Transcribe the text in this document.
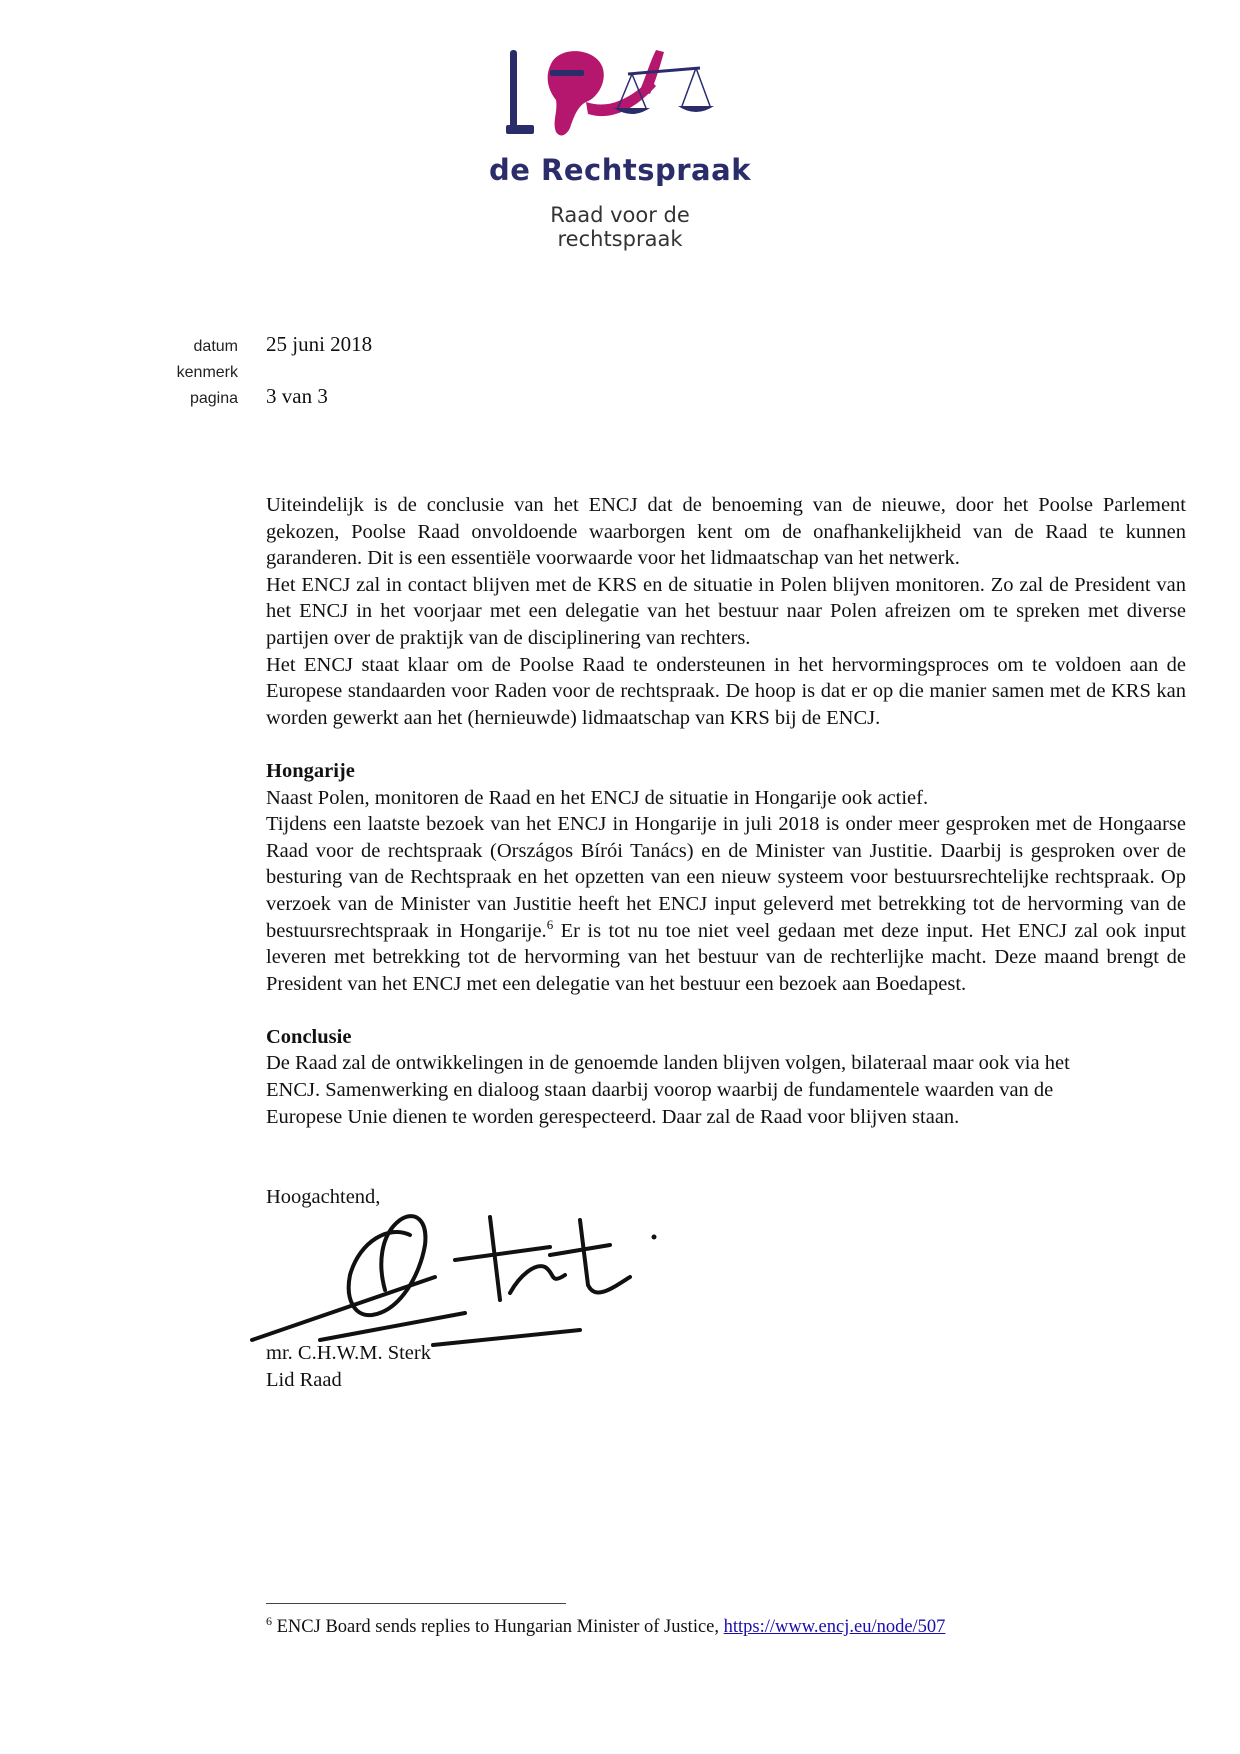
de Rechtspraak
Raad voor de
rechtspraak
datum 25 juni 2018
kenmerk
pagina 3 van 3

Uiteindelijk is de conclusie van het ENCJ dat de benoeming van de nieuwe, door het Poolse Parlement gekozen, Poolse Raad onvoldoende waarborgen kent om de onafhankelijkheid van de Raad te kunnen garanderen. Dit is een essentiële voorwaarde voor het lidmaatschap van het netwerk.

Het ENCJ zal in contact blijven met de KRS en de situatie in Polen blijven monitoren. Zo zal de President van het ENCJ in het voorjaar met een delegatie van het bestuur naar Polen afreizen om te spreken met diverse partijen over de praktijk van de disciplinering van rechters.

Het ENCJ staat klaar om de Poolse Raad te ondersteunen in het hervormingsproces om te voldoen aan de Europese standaarden voor Raden voor de rechtspraak. De hoop is dat er op die manier samen met de KRS kan worden gewerkt aan het (hernieuwde) lidmaatschap van KRS bij de ENCJ.

Hongarije

Naast Polen, monitoren de Raad en het ENCJ de situatie in Hongarije ook actief.

Tijdens een laatste bezoek van het ENCJ in Hongarije in juli 2018 is onder meer gesproken met de Hongaarse Raad voor de rechtspraak (Országos Bírói Tanács) en de Minister van Justitie. Daarbij is gesproken over de besturing van de Rechtspraak en het opzetten van een nieuw systeem voor bestuursrechtelijke rechtspraak. Op verzoek van de Minister van Justitie heeft het ENCJ input geleverd met betrekking tot de hervorming van de bestuursrechtspraak in Hongarije.$^6$ Er is tot nu toe niet veel gedaan met deze input. Het ENCJ zal ook input leveren met betrekking tot de hervorming van het bestuur van de rechterlijke macht. Deze maand brengt de President van het ENCJ met een delegatie van het bestuur een bezoek aan Boedapest.

Conclusie
De Raad zal de ontwikkelingen in de genoemde landen blijven volgen, bilateraal maar ook via het
ENCJ. Samenwerking en dialoog staan daarbij voorop waarbij de fundamentele waarden van de
Europese Unie dienen te worden gerespecteerd. Daar zal de Raad voor blijven staan.
Hoogachtend,
mr. C.H.W.M. Sterk
Lid Raad
$^6$ ENCJ Board sends replies to Hungarian Minister of Justice, https://www.encj.eu/node/507
